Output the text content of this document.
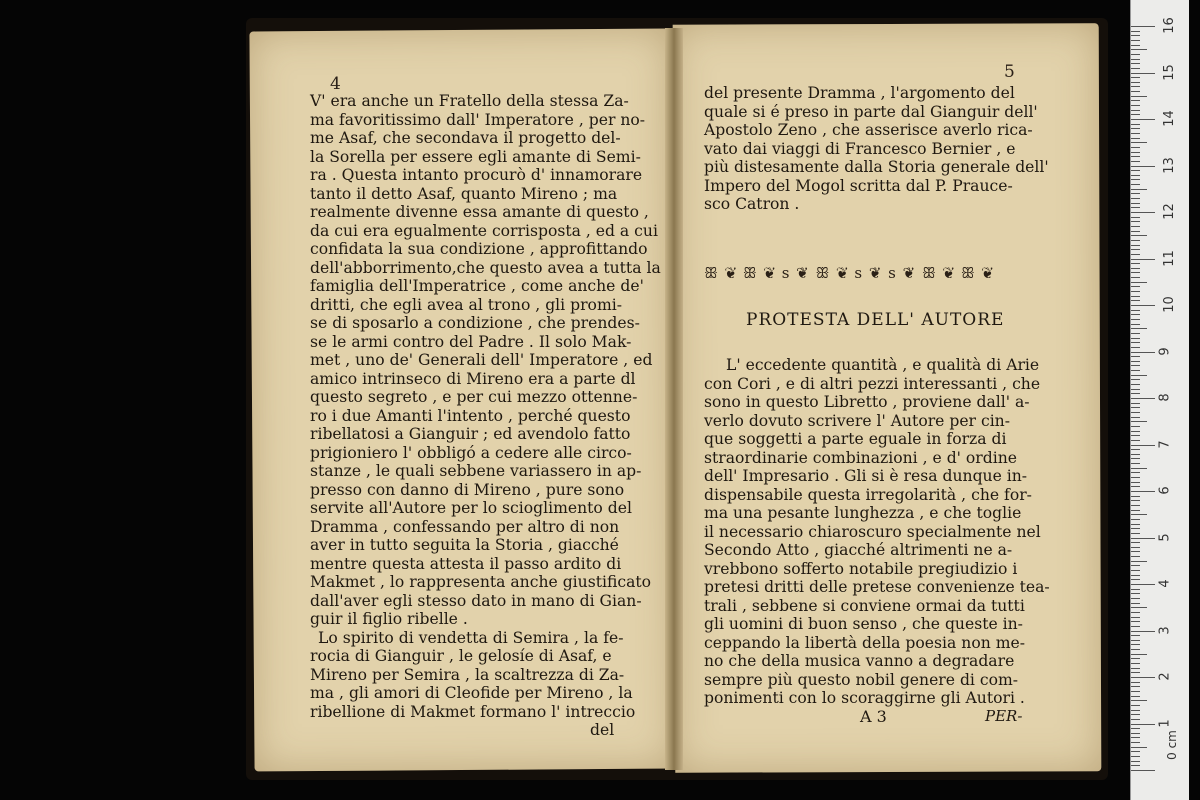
4
V' era anche un Fratello della stessa Za-
ma favoritissimo dall' Imperatore , per no-
me Asaf, che secondava il progetto del-
la Sorella per essere egli amante di Semi-
ra . Questa intanto procurò d' innamorare
tanto il detto Asaf, quanto Mireno ; ma
realmente divenne essa amante di questo ,
da cui era egualmente corrisposta , ed a cui
confidata la sua condizione , approfittando
dell'abborrimento,che questo avea a tutta la
famiglia dell'Imperatrice , come anche de'
dritti, che egli avea al trono , gli promi-
se di sposarlo a condizione , che prendes-
se le armi contro del Padre . Il solo Mak-
met , uno de' Generali dell' Imperatore , ed
amico intrinseco di Mireno era a parte dl
questo segreto , e per cui mezzo ottenne-
ro i due Amanti l'intento , perché questo
ribellatosi a Gianguir ; ed avendolo fatto
prigioniero l' obbligó a cedere alle circo-
stanze , le quali sebbene variassero in ap-
presso con danno di Mireno , pure sono
servite all'Autore per lo scioglimento del
Dramma , confessando per altro di non
aver in tutto seguita la Storia , giacché
mentre questa attesta il passo ardito di
Makmet , lo rappresenta anche giustificato
dall'aver egli stesso dato in mano di Gian-
guir il figlio ribelle .
Lo spirito di vendetta di Semira , la fe-
rocia di Gianguir , le gelosíe di Asaf, e
Mireno per Semira , la scaltrezza di Za-
ma , gli amori di Cleofide per Mireno , la
ribellione di Makmet formano l' intreccio
del
5
del presente Dramma , l'argomento del
quale si é preso in parte dal Gianguir dell'
Apostolo Zeno , che asserisce averlo rica-
vato dai viaggi di Francesco Bernier , e
più distesamente dalla Storia generale dell'
Impero del Mogol scritta dal P. Prauce-
sco Catron .
ꕥ ❦ ꕥ ❦ s ❦ ꕥ ❦ s ❦ s ❦ ꕥ ❦ ꕥ ❦
PROTESTA DELL' AUTORE
L' eccedente quantità , e qualità di Arie
con Cori , e di altri pezzi interessanti , che
sono in questo Libretto , proviene dall' a-
verlo dovuto scrivere l' Autore per cin-
que soggetti a parte eguale in forza di
straordinarie combinazioni , e d' ordine
dell' Impresario . Gli si è resa dunque in-
dispensabile questa irregolarità , che for-
ma una pesante lunghezza , e che toglie
il necessario chiaroscuro specialmente nel
Secondo Atto , giacché altrimenti ne a-
vrebbono sofferto notabile pregiudizio i
pretesi dritti delle pretese convenienze tea-
trali , sebbene si conviene ormai da tutti
gli uomini di buon senso , che queste in-
ceppando la libertà della poesia non me-
no che della musica vanno a degradare
sempre più questo nobil genere di com-
ponimenti con lo scoraggirne gli Autori .
A 3	PER-
0 cm
1
2
3
4
5
6
7
8
9
10
11
12
13
14
15
16
